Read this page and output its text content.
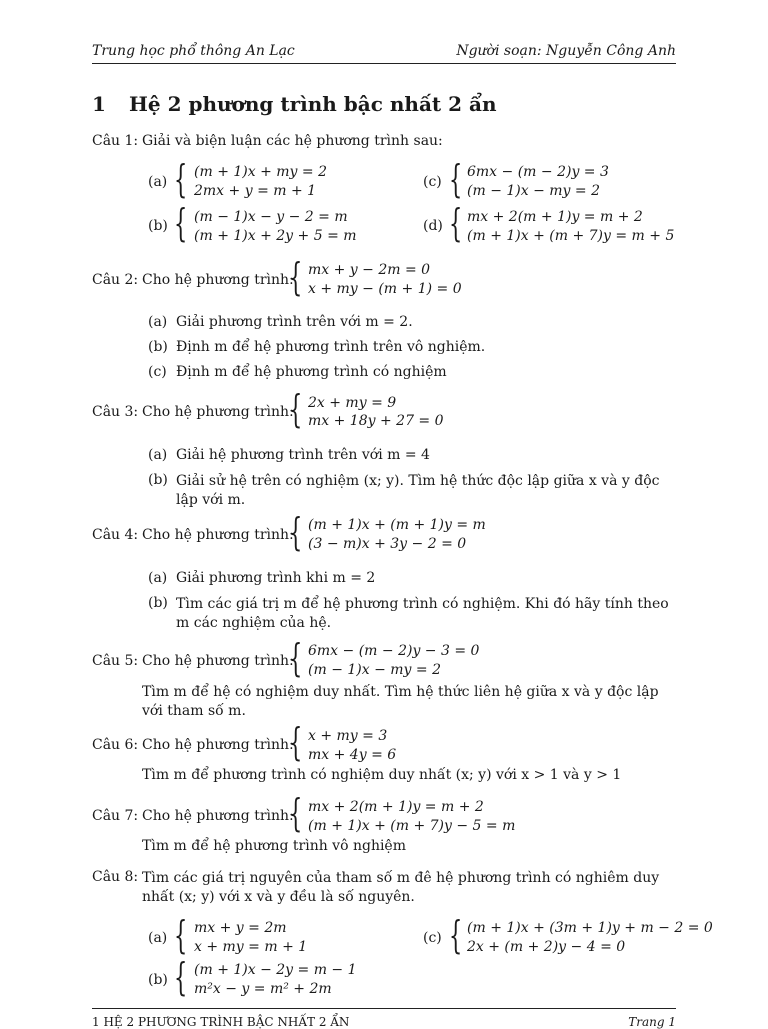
Trung học phổ thông An Lạc	Người soạn: Nguyễn Công Anh
1 Hệ 2 phương trình bậc nhất 2 ẩn
Câu 1: Giải và biện luận các hệ phương trình sau:
(a) { (m + 1)x + my = 2
2mx + y = m + 1
(c) { 6mx − (m − 2)y = 3
(m − 1)x − my = 2
(b) { (m − 1)x − y − 2 = m
(m + 1)x + 2y + 5 = m
(d) { mx + 2(m + 1)y = m + 2
(m + 1)x + (m + 7)y = m + 5
Câu 2: Cho hệ phương trình:
{ mx + y − 2m = 0
x + my − (m + 1) = 0
(a) Giải phương trình trên với m = 2.
(b) Định m để hệ phương trình trên vô nghiệm.
(c) Định m để hệ phương trình có nghiệm
Câu 3: Cho hệ phương trình:
{ 2x + my = 9
mx + 18y + 27 = 0
(a) Giải hệ phương trình trên với m = 4
(b) Giải sử hệ trên có nghiệm (x; y). Tìm hệ thức độc lập giữa x và y độc lập với m.
Câu 4: Cho hệ phương trình:
{ (m + 1)x + (m + 1)y = m
(3 − m)x + 3y − 2 = 0
(a) Giải phương trình khi m = 2
(b) Tìm các giá trị m để hệ phương trình có nghiệm. Khi đó hãy tính theo m các nghiệm của hệ.
Câu 5: Cho hệ phương trình:
{ 6mx − (m − 2)y − 3 = 0
(m − 1)x − my = 2
Tìm m để hệ có nghiệm duy nhất. Tìm hệ thức liên hệ giữa x và y độc lập với tham số m.
Câu 6: Cho hệ phương trình:
{ x + my = 3
mx + 4y = 6
Tìm m để phương trình có nghiệm duy nhất (x; y) với x > 1 và y > 1
Câu 7: Cho hệ phương trình:
{ mx + 2(m + 1)y = m + 2
(m + 1)x + (m + 7)y − 5 = m
Tìm m để hệ phương trình vô nghiệm
Câu 8: Tìm các giá trị nguyên của tham số m đê hệ phương trình có nghiêm duy nhất (x; y) với x và y đều là số nguyên.
(a) { mx + y = 2m
x + my = m + 1
(c) { (m + 1)x + (3m + 1)y + m − 2 = 0
2x + (m + 2)y − 4 = 0
(b) { (m + 1)x − 2y = m − 1
m²x − y = m² + 2m
1 HỆ 2 PHƯƠNG TRÌNH BẬC NHẤT 2 ẨN	Trang 1
